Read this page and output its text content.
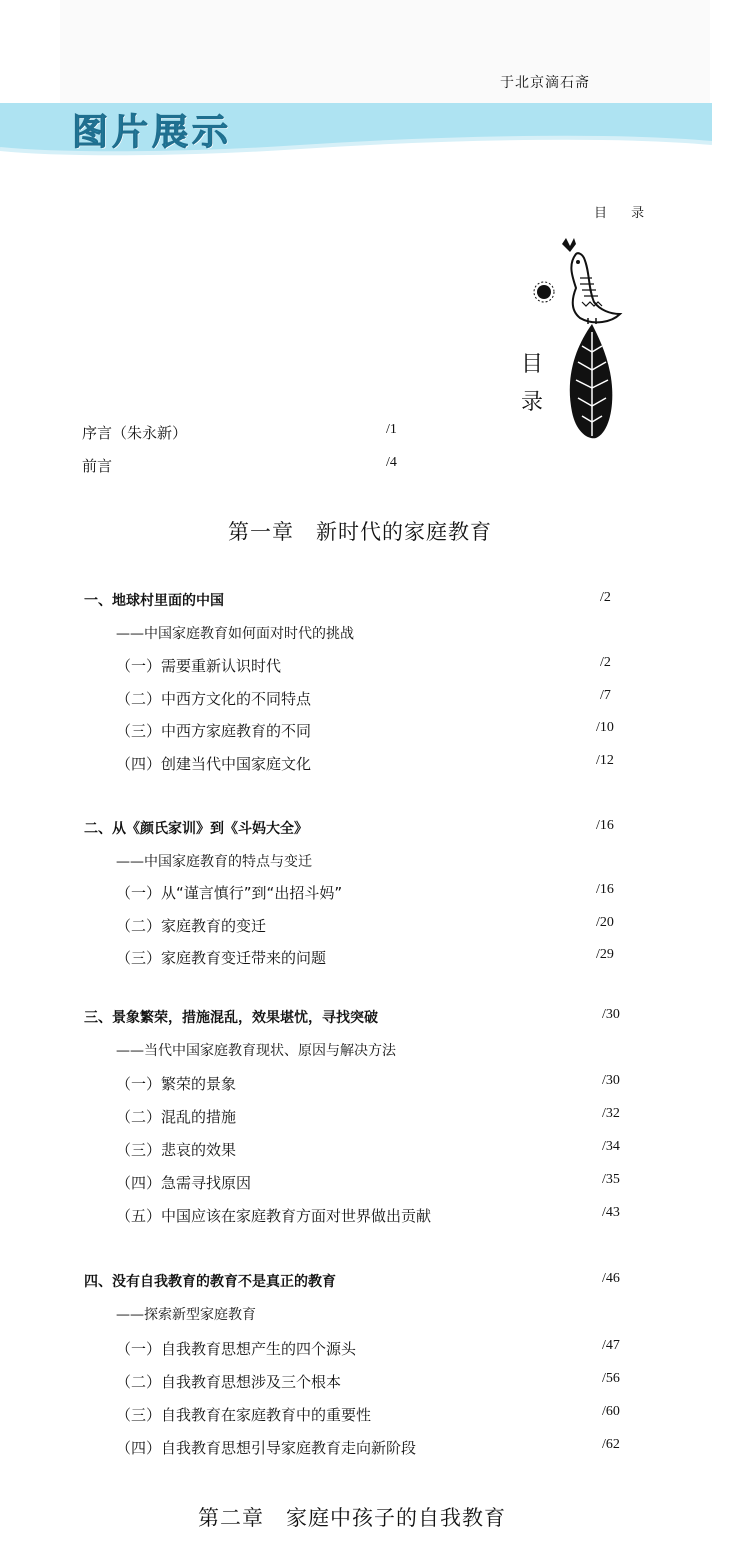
于北京滴石斋
图片展示
目 录
目
录
序言（朱永新）	/1
前言	/4
第一章　新时代的家庭教育
一、地球村里面的中国	/2
——中国家庭教育如何面对时代的挑战
（一）需要重新认识时代	/2
（二）中西方文化的不同特点	/7
（三）中西方家庭教育的不同	/10
（四）创建当代中国家庭文化	/12
二、从《颜氏家训》到《斗妈大全》	/16
——中国家庭教育的特点与变迁
（一）从“谨言慎行”到“出招斗妈”	/16
（二）家庭教育的变迁	/20
（三）家庭教育变迁带来的问题	/29
三、景象繁荣，措施混乱，效果堪忧，寻找突破	/30
——当代中国家庭教育现状、原因与解决方法
（一）繁荣的景象	/30
（二）混乱的措施	/32
（三）悲哀的效果	/34
（四）急需寻找原因	/35
（五）中国应该在家庭教育方面对世界做出贡献	/43
四、没有自我教育的教育不是真正的教育	/46
——探索新型家庭教育
（一）自我教育思想产生的四个源头	/47
（二）自我教育思想涉及三个根本	/56
（三）自我教育在家庭教育中的重要性	/60
（四）自我教育思想引导家庭教育走向新阶段	/62
第二章　家庭中孩子的自我教育
